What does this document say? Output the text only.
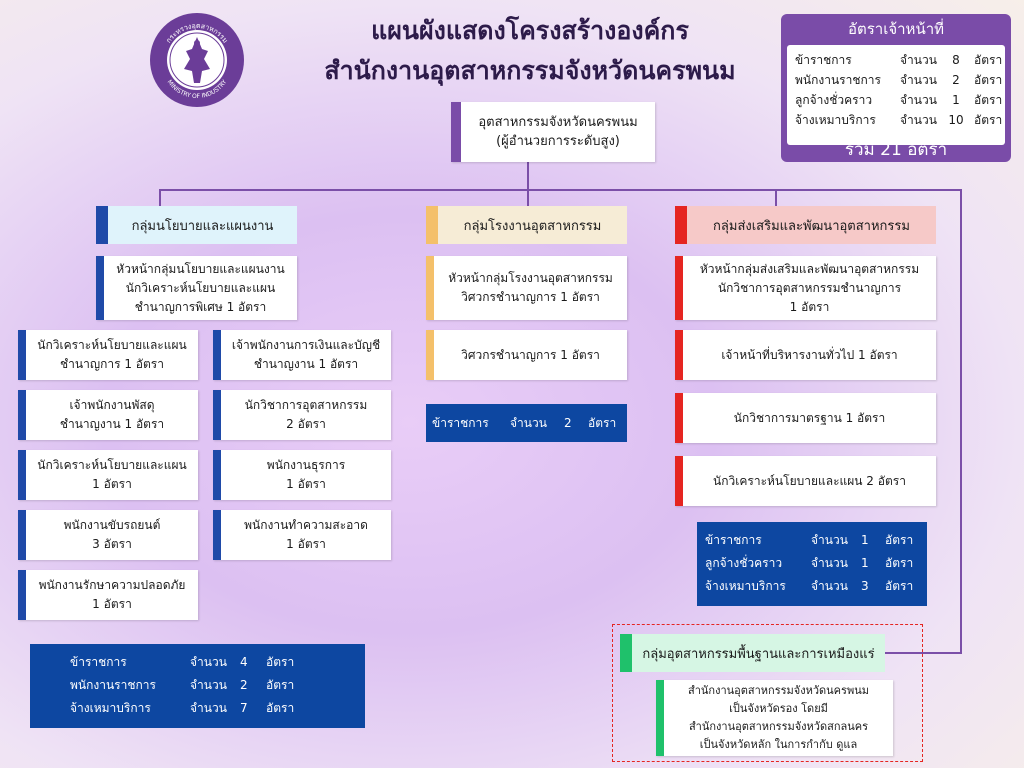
กระทรวงอุตสาหกรรม
MINISTRY OF INDUSTRY
แผนผังแสดงโครงสร้างองค์กร
สำนักงานอุตสาหกรรมจังหวัดนครพนม
อัตราเจ้าหน้าที่
ข้าราชการ	จำนวน 8 อัตรา
พนักงานราชการ จำนวน 2 อัตรา
ลูกจ้างชั่วคราว จำนวน 1 อัตรา
จ้างเหมาบริการ จำนวน 10 อัตรา
รวม 21 อัตรา
อุตสาหกรรมจังหวัดนครพนม
(ผู้อำนวยการระดับสูง)
กลุ่มนโยบายและแผนงาน
หัวหน้ากลุ่มนโยบายและแผนงาน
นักวิเคราะห์นโยบายและแผน
ชำนาญการพิเศษ 1 อัตรา
นักวิเคราะห์นโยบายและแผน
ชำนาญการ 1 อัตรา
เจ้าพนักงานพัสดุ
ชำนาญงาน 1 อัตรา
นักวิเคราะห์นโยบายและแผน
1 อัตรา
พนักงานขับรถยนต์
3 อัตรา
พนักงานรักษาความปลอดภัย
1 อัตรา
เจ้าพนักงานการเงินและบัญชี
ชำนาญงาน 1 อัตรา
นักวิชาการอุตสาหกรรม
2 อัตรา
พนักงานธุรการ
1 อัตรา
พนักงานทำความสะอาด
1 อัตรา
ข้าราชการ	จำนวน 4 อัตรา
พนักงานราชการ	จำนวน 2 อัตรา
จ้างเหมาบริการ	จำนวน 7 อัตรา
กลุ่มโรงงานอุตสาหกรรม
หัวหน้ากลุ่มโรงงานอุตสาหกรรม
วิศวกรชำนาญการ 1 อัตรา
วิศวกรชำนาญการ 1 อัตรา
ข้าราชการ จำนวน 2 อัตรา
กลุ่มส่งเสริมและพัฒนาอุตสาหกรรม
หัวหน้ากลุ่มส่งเสริมและพัฒนาอุตสาหกรรม
นักวิชาการอุตสาหกรรมชำนาญการ
1 อัตรา
เจ้าหน้าที่บริหารงานทั่วไป 1 อัตรา
นักวิชาการมาตรฐาน 1 อัตรา
นักวิเคราะห์นโยบายและแผน 2 อัตรา
ข้าราชการ	จำนวน 1 อัตรา
ลูกจ้างชั่วคราว จำนวน 1 อัตรา
จ้างเหมาบริการ จำนวน 3 อัตรา
กลุ่มอุตสาหกรรมพื้นฐานและการเหมืองแร่
สำนักงานอุตสาหกรรมจังหวัดนครพนม
เป็นจังหวัดรอง โดยมี
สำนักงานอุตสาหกรรมจังหวัดสกลนคร
เป็นจังหวัดหลัก ในการกำกับ ดูแล
